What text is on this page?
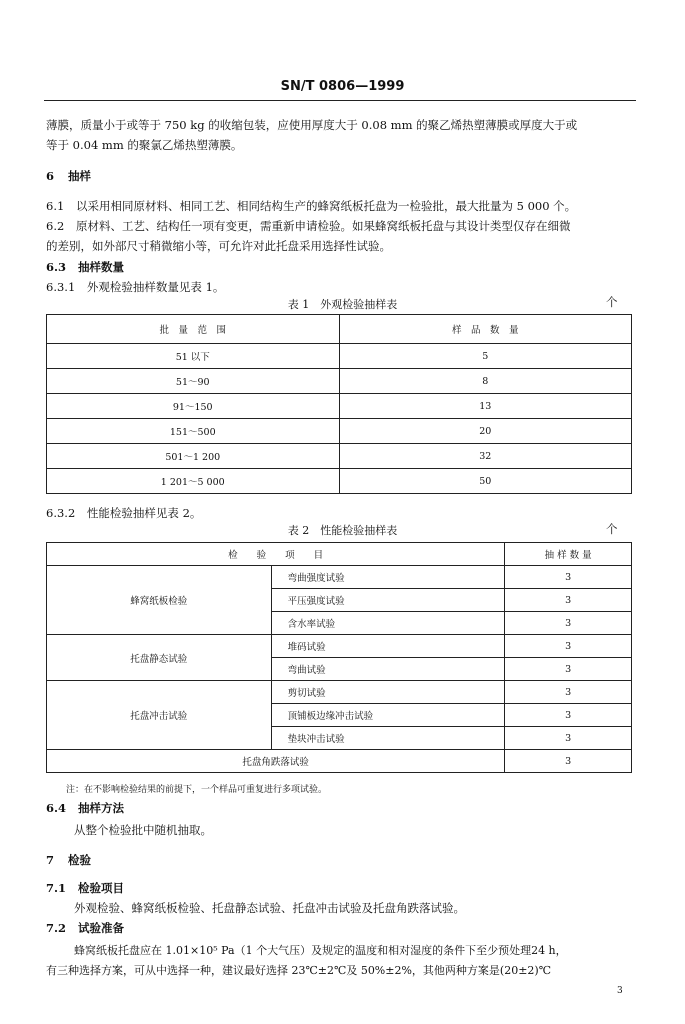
SN/T 0806—1999
薄膜，质量小于或等于 750 kg 的收缩包装，应使用厚度大于 0.08 mm 的聚乙烯热塑薄膜或厚度大于或
等于 0.04 mm 的聚氯乙烯热塑薄膜。
6 抽样
6.1 以采用相同原材料、相同工艺、相同结构生产的蜂窝纸板托盘为一检验批，最大批量为 5 000 个。
6.2 原材料、工艺、结构任一项有变更，需重新申请检验。如果蜂窝纸板托盘与其设计类型仅存在细微
的差别，如外部尺寸稍微缩小等，可允许对此托盘采用选择性试验。
6.3 抽样数量
6.3.1 外观检验抽样数量见表 1。
表 1　外观检验抽样表	个
批　量　范　围	样　品　数　量
51 以下	5
51～90	8
91～150	13
151～500	20
501～1 200	32
1 201～5 000	50
6.3.2 性能检验抽样见表 2。
表 2　性能检验抽样表	个
检　　验　　项　　目		抽 样 数 量
蜂窝纸板检验	弯曲强度试验	3
	平压强度试验	3
	含水率试验	3
托盘静态试验	堆码试验	3
	弯曲试验	3
托盘冲击试验	剪切试验	3
	顶铺板边缘冲击试验	3
	垫块冲击试验	3
托盘角跌落试验		3
注：在不影响检验结果的前提下，一个样品可重复进行多项试验。
6.4 抽样方法
从整个检验批中随机抽取。
7 检验
7.1 检验项目
外观检验、蜂窝纸板检验、托盘静态试验、托盘冲击试验及托盘角跌落试验。
7.2 试验准备
蜂窝纸板托盘应在 1.01×10⁵ Pa（1 个大气压）及规定的温度和相对湿度的条件下至少预处理24 h，
有三种选择方案，可从中选择一种，建议最好选择 23℃±2℃及 50%±2%，其他两种方案是(20±2)℃
3
